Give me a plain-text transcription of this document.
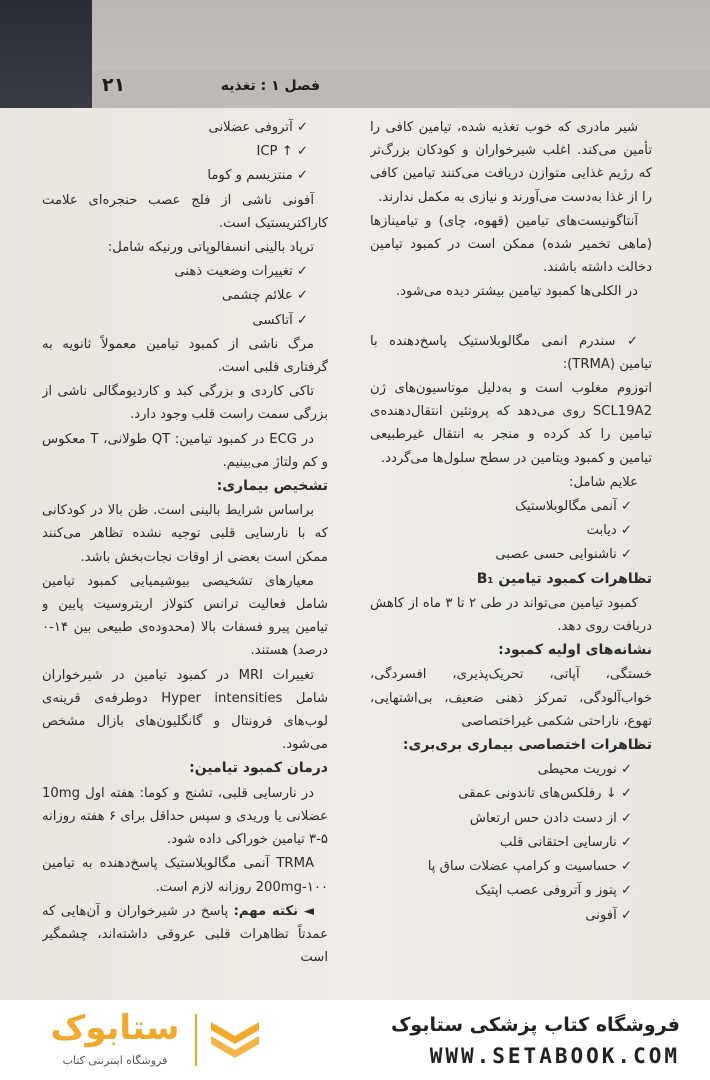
۲۱	فصل ۱ : تغذیه

شیر مادری که خوب تغذیه شده، تیامین کافی را تأمین می‌کند. اغلب شیرخواران و کودکان بزرگ‌تر که رژیم غذایی متوازن دریافت می‌کنند تیامین کافی را از غذا به‌دست می‌آورند و نیازی به مکمل ندارند.

آنتاگونیست‌های تیامین (قهوه، چای) و تیامینازها (ماهی تخمیر شده) ممکن است در کمبود تیامین دخالت داشته باشند.

در الکلی‌ها کمبود تیامین بیشتر دیده می‌شود.

✓ سندرم انمی مگالوبلاستیک پاسخ‌دهنده با تیامین (TRMA):

اتوزوم مغلوب است و به‌دلیل موتاسیون‌های ژن SCL19A2 روی می‌دهد که پروتئین انتقال‌دهنده‌ی تیامین را کد کرده و منجر به انتقال غیرطبیعی تیامین و کمبود ویتامین در سطح سلول‌ها می‌گردد.

علایم شامل:

✓ آنمی مگالوبلاستیک

✓ دیابت

✓ ناشنوایی حسی عصبی

تظاهرات کمبود تیامین B₁

کمبود تیامین می‌تواند در طی ۲ تا ۳ ماه از کاهش دریافت روی دهد.

نشانه‌های اولیه کمبود:

خستگی، آپاتی، تحریک‌پذیری، افسردگی، خواب‌آلودگی، تمرکز ذهنی ضعیف، بی‌اشتهایی، تهوع، ناراحتی شکمی غیراختصاصی

تظاهرات اختصاصی بیماری بری‌بری:

✓ نوریت محیطی

✓ ↓ رفلکس‌های تاندونی عمقی

✓ از دست دادن حس ارتعاش

✓ نارسایی احتقانی قلب

✓ حساسیت و کرامپ عضلات ساق پا

✓ پتوز و آتروفی عصب اپتیک

✓ آفونی

✓ آتروفی عضلانی

✓ ↑ ICP

✓ منتزیسم و کوما

آفونی ناشی از فلج عصب حنجره‌ای علامت کاراکتریستیک است.

ترپاد بالینی انسفالوپاتی ورنیکه شامل:

✓ تغییرات وضعیت ذهنی

✓ علائم چشمی

✓ آتاکسی

مرگ ناشی از کمبود تیامین معمولاً ثانویه به گرفتاری قلبی است.

تاکی کاردی و بزرگی کبد و کاردیومگالی ناشی از بزرگی سمت راست قلب وجود دارد.

در ECG در کمبود تیامین: QT طولانی، T معکوس و کم ولتاژ می‌بینیم.

تشخیص بیماری:

براساس شرایط بالینی است. ظن بالا در کودکانی که با نارسایی قلبی توجیه نشده تظاهر می‌کنند ممکن است بعضی از اوقات نجات‌بخش باشد.

معیارهای تشخیصی بیوشیمیایی کمبود تیامین شامل فعالیت ترانس کتولاز اریتروسیت پایین و تیامین پیرو فسفات بالا (محدوده‌ی طبیعی بین ۱۴-۰ درصد) هستند.

تغییرات MRI در کمبود تیامین در شیرخواران شامل Hyper intensities دوطرفه‌ی قرینه‌ی لوب‌های فرونتال و گانگلیون‌های بازال مشخص می‌شود.

درمان کمبود تیامین:

در نارسایی قلبی، تشنج و کوما: هفته اول 10mg عضلانی یا وریدی و سپس حداقل برای ۶ هفته روزانه ۵-۳ تیامین خوراکی داده شود.

TRMA آنمی مگالوبلاستیک پاسخ‌دهنده به تیامین 200mg-۱۰۰ روزانه لازم است.

◄ نکته مهم: پاسخ در شیرخواران و آن‌هایی که عمدتاً تظاهرات قلبی عروقی داشته‌اند، چشمگیر است

فروشگاه کتاب پزشکی ستابوک
WWW.SETABOOK.COM
ستابوک
فروشگاه اینترنتی کتاب
